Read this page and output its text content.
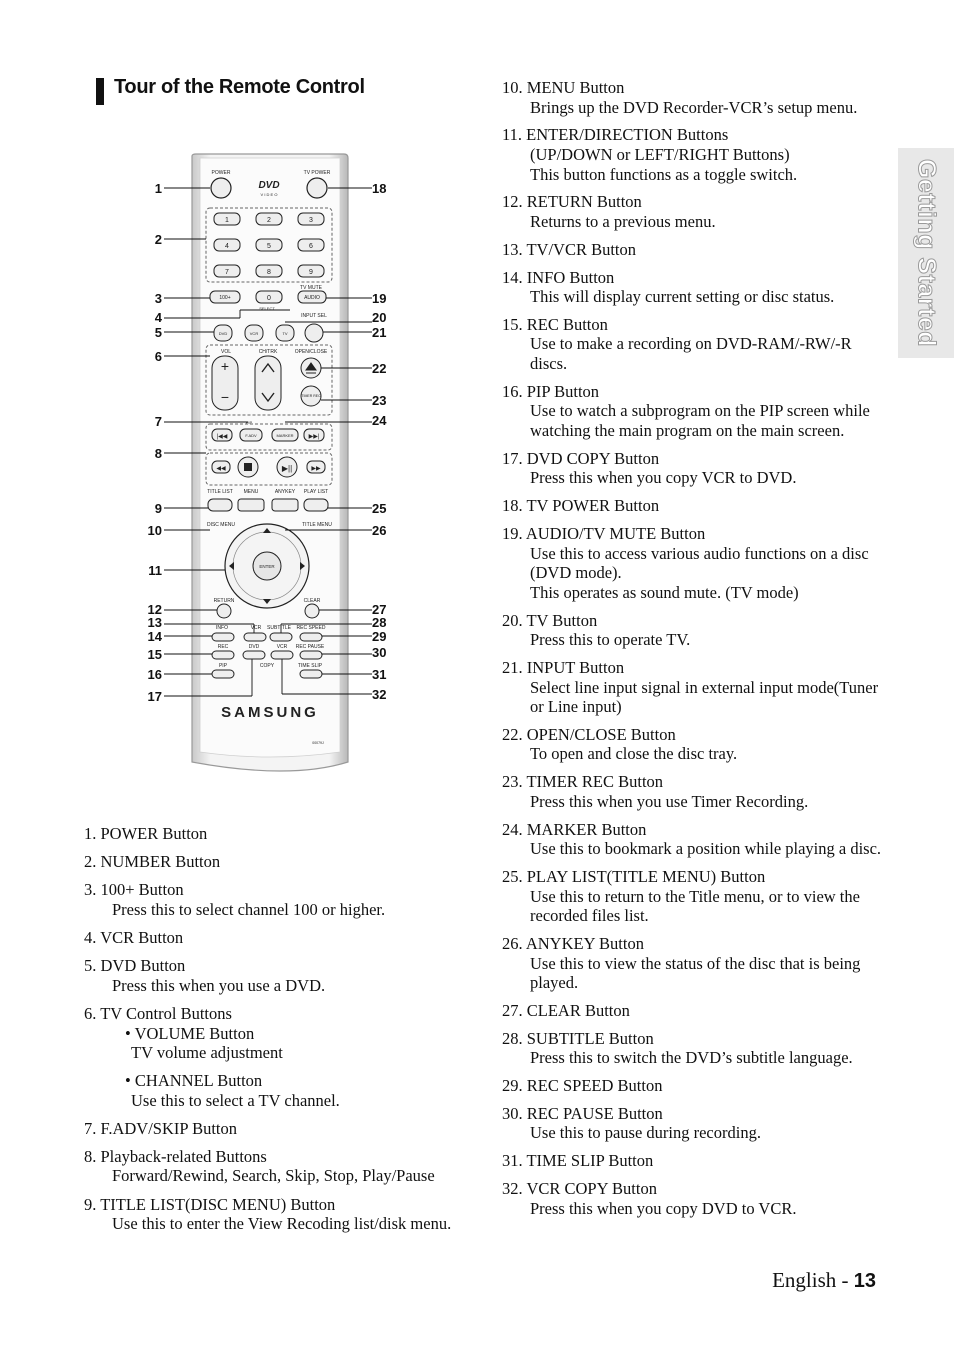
Tour of the Remote Control
Getting Started
POWER	TV POWER
DVD
V I D E O
1	2	3
4	5	6
7	8	9
TV MUTE
100+	0	AUDIO
SELECT
INPUT SEL
DVD	VCR	TV
VOL
+
−
CH/TRK	OPEN/CLOSE
TIMER REC
PIP
|◀◀	F.ADV	MARKER	▶▶|
◀◀	▶||	▶▶
TITLE LIST MENU	ANYKEY PLAY LIST
DISC MENU	TITLE MENU
ENTER
RETURN	CLEAR
INFO	VCR SUBTITLE REC SPEED
REC	DVD	VCR REC PAUSE
PIP	COPY	TIME SLIP
SAMSUNG
00079J
1
2
3
4
5
6
7
8
9
10
11
12
13
14
15
16
17
18
19
20
21
22
23
24
25
26
27
28
29
30
31
32
1. POWER Button
2. NUMBER Button
3. 100+ Button
Press this to select channel 100 or higher.
4. VCR Button
5. DVD Button
Press this when you use a DVD.
6. TV Control Buttons
• VOLUME Button
TV volume adjustment
• CHANNEL Button
Use this to select a TV channel.
7. F.ADV/SKIP Button
8. Playback-related Buttons
Forward/Rewind, Search, Skip, Stop, Play/Pause
9. TITLE LIST(DISC MENU) Button
Use this to enter the View Recoding list/disk menu.
10. MENU Button
Brings up the DVD Recorder-VCR’s setup menu.
11. ENTER/DIRECTION Buttons
(UP/DOWN or LEFT/RIGHT Buttons)
This button functions as a toggle switch.
12. RETURN Button
Returns to a previous menu.
13. TV/VCR Button
14. INFO Button
This will display current setting or disc status.
15. REC Button
Use to make a recording on DVD-RAM/-RW/-R discs.
16. PIP Button
Use to watch a subprogram on the PIP screen while watching the main program on the main screen.
17. DVD COPY Button
Press this when you copy VCR to DVD.
18. TV POWER Button
19. AUDIO/TV MUTE Button
Use this to access various audio functions on a disc (DVD mode).
This operates as sound mute. (TV mode)
20. TV Button
Press this to operate TV.
21. INPUT Button
Select line input signal in external input mode(Tuner or Line input)
22. OPEN/CLOSE Button
To open and close the disc tray.
23. TIMER REC Button
Press this when you use Timer Recording.
24. MARKER Button
Use this to bookmark a position while playing a disc.
25. PLAY LIST(TITLE MENU) Button
Use this to return to the Title menu, or to view the recorded files list.
26. ANYKEY Button
Use this to view the status of the disc that is being played.
27. CLEAR Button
28. SUBTITLE Button
Press this to switch the DVD’s subtitle language.
29. REC SPEED Button
30. REC PAUSE Button
Use this to pause during recording.
31. TIME SLIP Button
32. VCR COPY Button
Press this when you copy DVD to VCR.
English - 13
